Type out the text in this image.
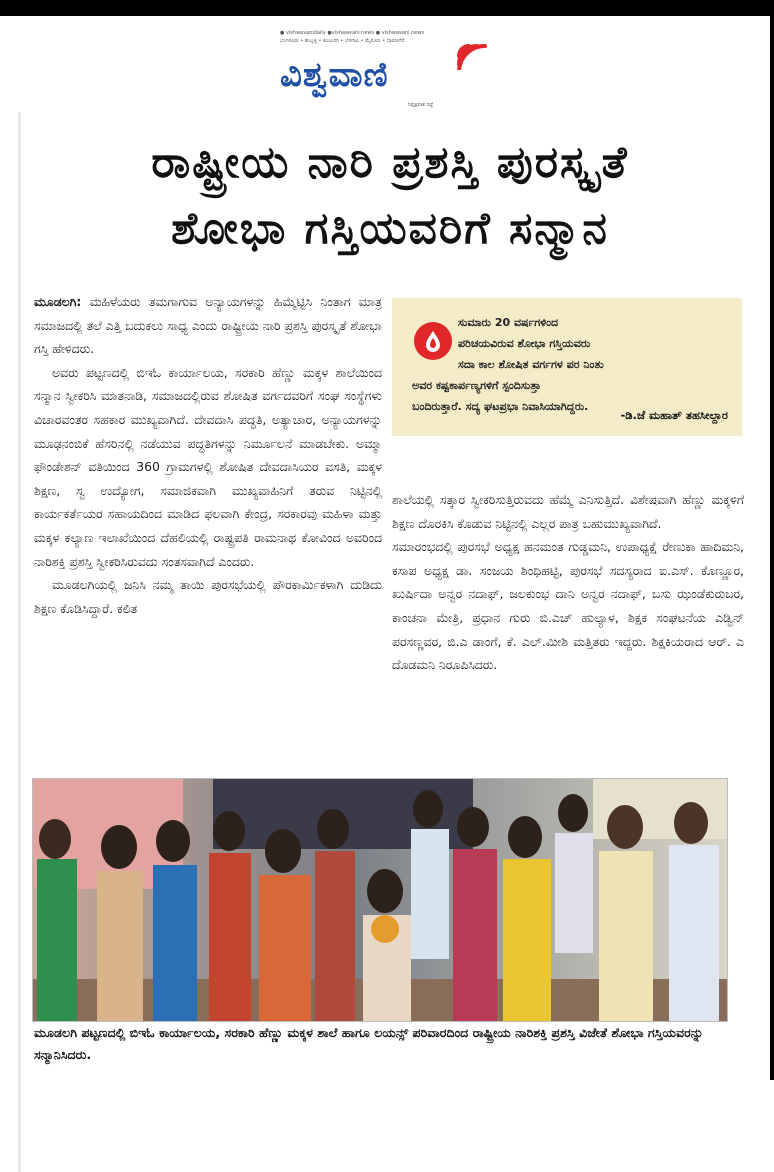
● vishwavanidaily ●vishwavani.news ● vishwavani.news
ಬೆಂಗಳೂರು • ಹುಬ್ಬಳ್ಳಿ • ಕಲಬುರಗಿ • ಬೆಳಗಾವಿ • ಮೈಸೂರು • ದಾವಣಗೆರೆ
ವಿಶ್ವವಾಣಿ
ನಿಷ್ಪಕ್ಷಪಾತ ನಿಷ್ಠೆ
ರಾಷ್ಟ್ರೀಯ ನಾರಿ ಪ್ರಶಸ್ತಿ ಪುರಸ್ಕೃತೆ
ಶೋಭಾ ಗಸ್ತಿಯವರಿಗೆ ಸನ್ಮಾನ

ಮೂಡಲಗಿ: ಮಹಿಳೆಯರು ತಮಗಾಗುವ ಅನ್ಯಾಯಗಳನ್ನು ಹಿಮ್ಮೆಟ್ಟಿಸಿ ನಿಂತಾಗ ಮಾತ್ರ ಸಮಾಜದಲ್ಲಿ ತಲೆ ಎತ್ತಿ ಬದುಕಲು ಸಾಧ್ಯ ಎಂದು ರಾಷ್ಟ್ರೀಯ ನಾರಿ ಪ್ರಶಸ್ತಿ ಪುರಸ್ಕೃತೆ ಶೋಭಾ ಗಸ್ತಿ ಹೇಳಿದರು.

ಅವರು ಪಟ್ಟಣದಲ್ಲಿ ಬಿಇಓ ಕಾರ್ಯಾಲಯ, ಸರಕಾರಿ ಹೆಣ್ಣು ಮಕ್ಕಳ ಶಾಲೆಯಿಂದ ಸನ್ಮಾನ ಸ್ವೀಕರಿಸಿ ಮಾತನಾಡಿ, ಸಮಾಜದಲ್ಲಿರುವ ಶೋಷಿತ ವರ್ಗದವರಿಗೆ ಸಂಘ ಸಂಸ್ಥೆಗಳು ವಿಚಾರವಂತರ ಸಹಕಾರ ಮುಖ್ಯವಾಗಿದೆ. ದೇವದಾಸಿ ಪದ್ಧತಿ, ಅತ್ಯಾಚಾರ, ಅನ್ಯಾಯಗಳನ್ನು ಮೂಢನಂಬಿಕೆ ಹೆಸರಿನಲ್ಲಿ ನಡೆಯುವ ಪದ್ಧತಿಗಳನ್ನು ನಿರ್ಮೂಲನೆ ಮಾಡಬೇಕು. ಅಮ್ಮಾ ಫೌಂಡೇಶನ್ ವತಿಯಿಂದ 360 ಗ್ರಾಮಗಳಲ್ಲಿ ಶೋಷಿತ ದೇವದಾಸಿಯರ ವಸತಿ, ಮಕ್ಕಳ ಶಿಕ್ಷಣ, ಸ್ವ ಉದ್ಯೋಗ, ಸಮಾಜಿಕವಾಗಿ ಮುಖ್ಯವಾಹಿನಿಗೆ ತರುವ ನಿಟ್ಟಿನಲ್ಲಿ ಕಾರ್ಯಕರ್ತೆಯರ ಸಹಾಯದಿಂದ ಮಾಡಿದ ಫಲವಾಗಿ ಕೇಂದ್ರ, ಸರಕಾರವು ಮಹಿಳಾ ಮತ್ತು ಮಕ್ಕಳ ಕಲ್ಯಾಣ ಇಲಾಖೆಯಿಂದ ದೆಹಲಿಯಲ್ಲಿ ರಾಷ್ಟ್ರಪತಿ ರಾಮನಾಥ ಕೋವಿಂದ ಅವರಿಂದ ನಾರಿಶಕ್ತಿ ಪ್ರಶಸ್ತಿ ಸ್ವೀಕರಿಸಿರುವದು ಸಂತಸವಾಗಿದೆ ಎಂದರು.

ಮೂಡಲಗಿಯಲ್ಲಿ ಜನಿಸಿ ನಮ್ಮ ತಾಯಿ ಪುರಸಭೆಯಲ್ಲಿ ಪೌರಕಾರ್ಮಿಕಳಾಗಿ ದುಡಿದು ಶಿಕ್ಷಣ ಕೊಡಿಸಿದ್ದಾರೆ. ಕಲಿತ

ಸುಮಾರು 20 ವರ್ಷಗಳಿಂದ
ಪರಿಚಯವಿರುವ ಶೋಭಾ ಗಸ್ತಿಯವರು
ಸದಾ ಕಾಲ ಶೋಷಿತ ವರ್ಗಗಳ ಪರ ನಿಂತು
ಅವರ ಕಷ್ಟಕಾರ್ಪಣ್ಯಗಳಿಗೆ ಸ್ಪಂದಿಸುತ್ತಾ
ಬಂದಿರುತ್ತಾರೆ. ಸದ್ಯ ಘಟಪ್ರಭಾ ನಿವಾಸಿಯಾಗಿದ್ದರು.
-ಡಿ.ಜೆ ಮಹಾತ್ ತಹಸೀಲ್ದಾರ

ಶಾಲೆಯಲ್ಲಿ ಸತ್ಕಾರ ಸ್ವೀಕರಿಸುತ್ತಿರುವದು ಹೆಮ್ಮೆ ಎನಿಸುತ್ತಿದೆ. ವಿಶೇಷವಾಗಿ ಹೆಣ್ಣು ಮಕ್ಕಳಿಗೆ ಶಿಕ್ಷಣ ದೊರಕಿಸಿ ಕೊಡುವ ನಿಟ್ಟಿನಲ್ಲಿ ಎಲ್ಲರ ಪಾತ್ರ ಬಹುಮುಖ್ಯವಾಗಿದೆ.

ಸಮಾರಂಭದಲ್ಲಿ ಪುರಸಭೆ ಅಧ್ಯಕ್ಷ ಹನಮಂತ ಗುಡ್ಡಮನಿ, ಉಪಾಧ್ಯಕ್ಷೆ ರೇಣುಕಾ ಹಾದಿಮನಿ, ಕಸಾಪ ಅಧ್ಯಕ್ಷ ಡಾ. ಸಂಜಯ ಶಿಂಧಿಹಟ್ಟಿ, ಪುರಸಭೆ ಸದಸ್ಯರಾದ ಐ.ಎಸ್. ಕೊಣ್ಣೂರ, ಖುರ್ಷಿದಾ ಅನ್ವರ ನದಾಫ್, ಜಲಕುಂಭ ದಾನಿ ಅನ್ವರ ನದಾಫ್, ಬಸು ಝಂಡೆಕುರುಬರ, ಕಾಂಚನಾ ಮೇತ್ರಿ, ಪ್ರಧಾನ ಗುರು ಬಿ.ಎಚ್ ಹುಲ್ಯಾಳ, ಶಿಕ್ಷಕ ಸಂಘಟನೆಯ ಎಡ್ವಿನ್ ಪರಸಣ್ಣವರ, ಬಿ.ಎ ಡಾಂಗೆ, ಕೆ. ಎಲ್.ಮೀಶಿ ಮತ್ತಿತರು ಇದ್ದರು. ಶಿಕ್ಷಕಿಯರಾದ ಆರ್. ಎ ದೊಡಮನಿ ನಿರೂಪಿಸಿದರು.

ಮೂಡಲಗಿ ಪಟ್ಟಣದಲ್ಲಿ ಬಿಇಓ ಕಾರ್ಯಾಲಯ, ಸರಕಾರಿ ಹೆಣ್ಣು ಮಕ್ಕಳ ಶಾಲೆ ಹಾಗೂ ಲಯನ್ಸ್ ಪರಿವಾರದಿಂದ ರಾಷ್ಟ್ರೀಯ ನಾರಿಶಕ್ತಿ ಪ್ರಶಸ್ತಿ ವಿಜೇತೆ ಶೋಭಾ ಗಸ್ತಿಯವರನ್ನು ಸನ್ಮಾನಿಸಿದರು.
